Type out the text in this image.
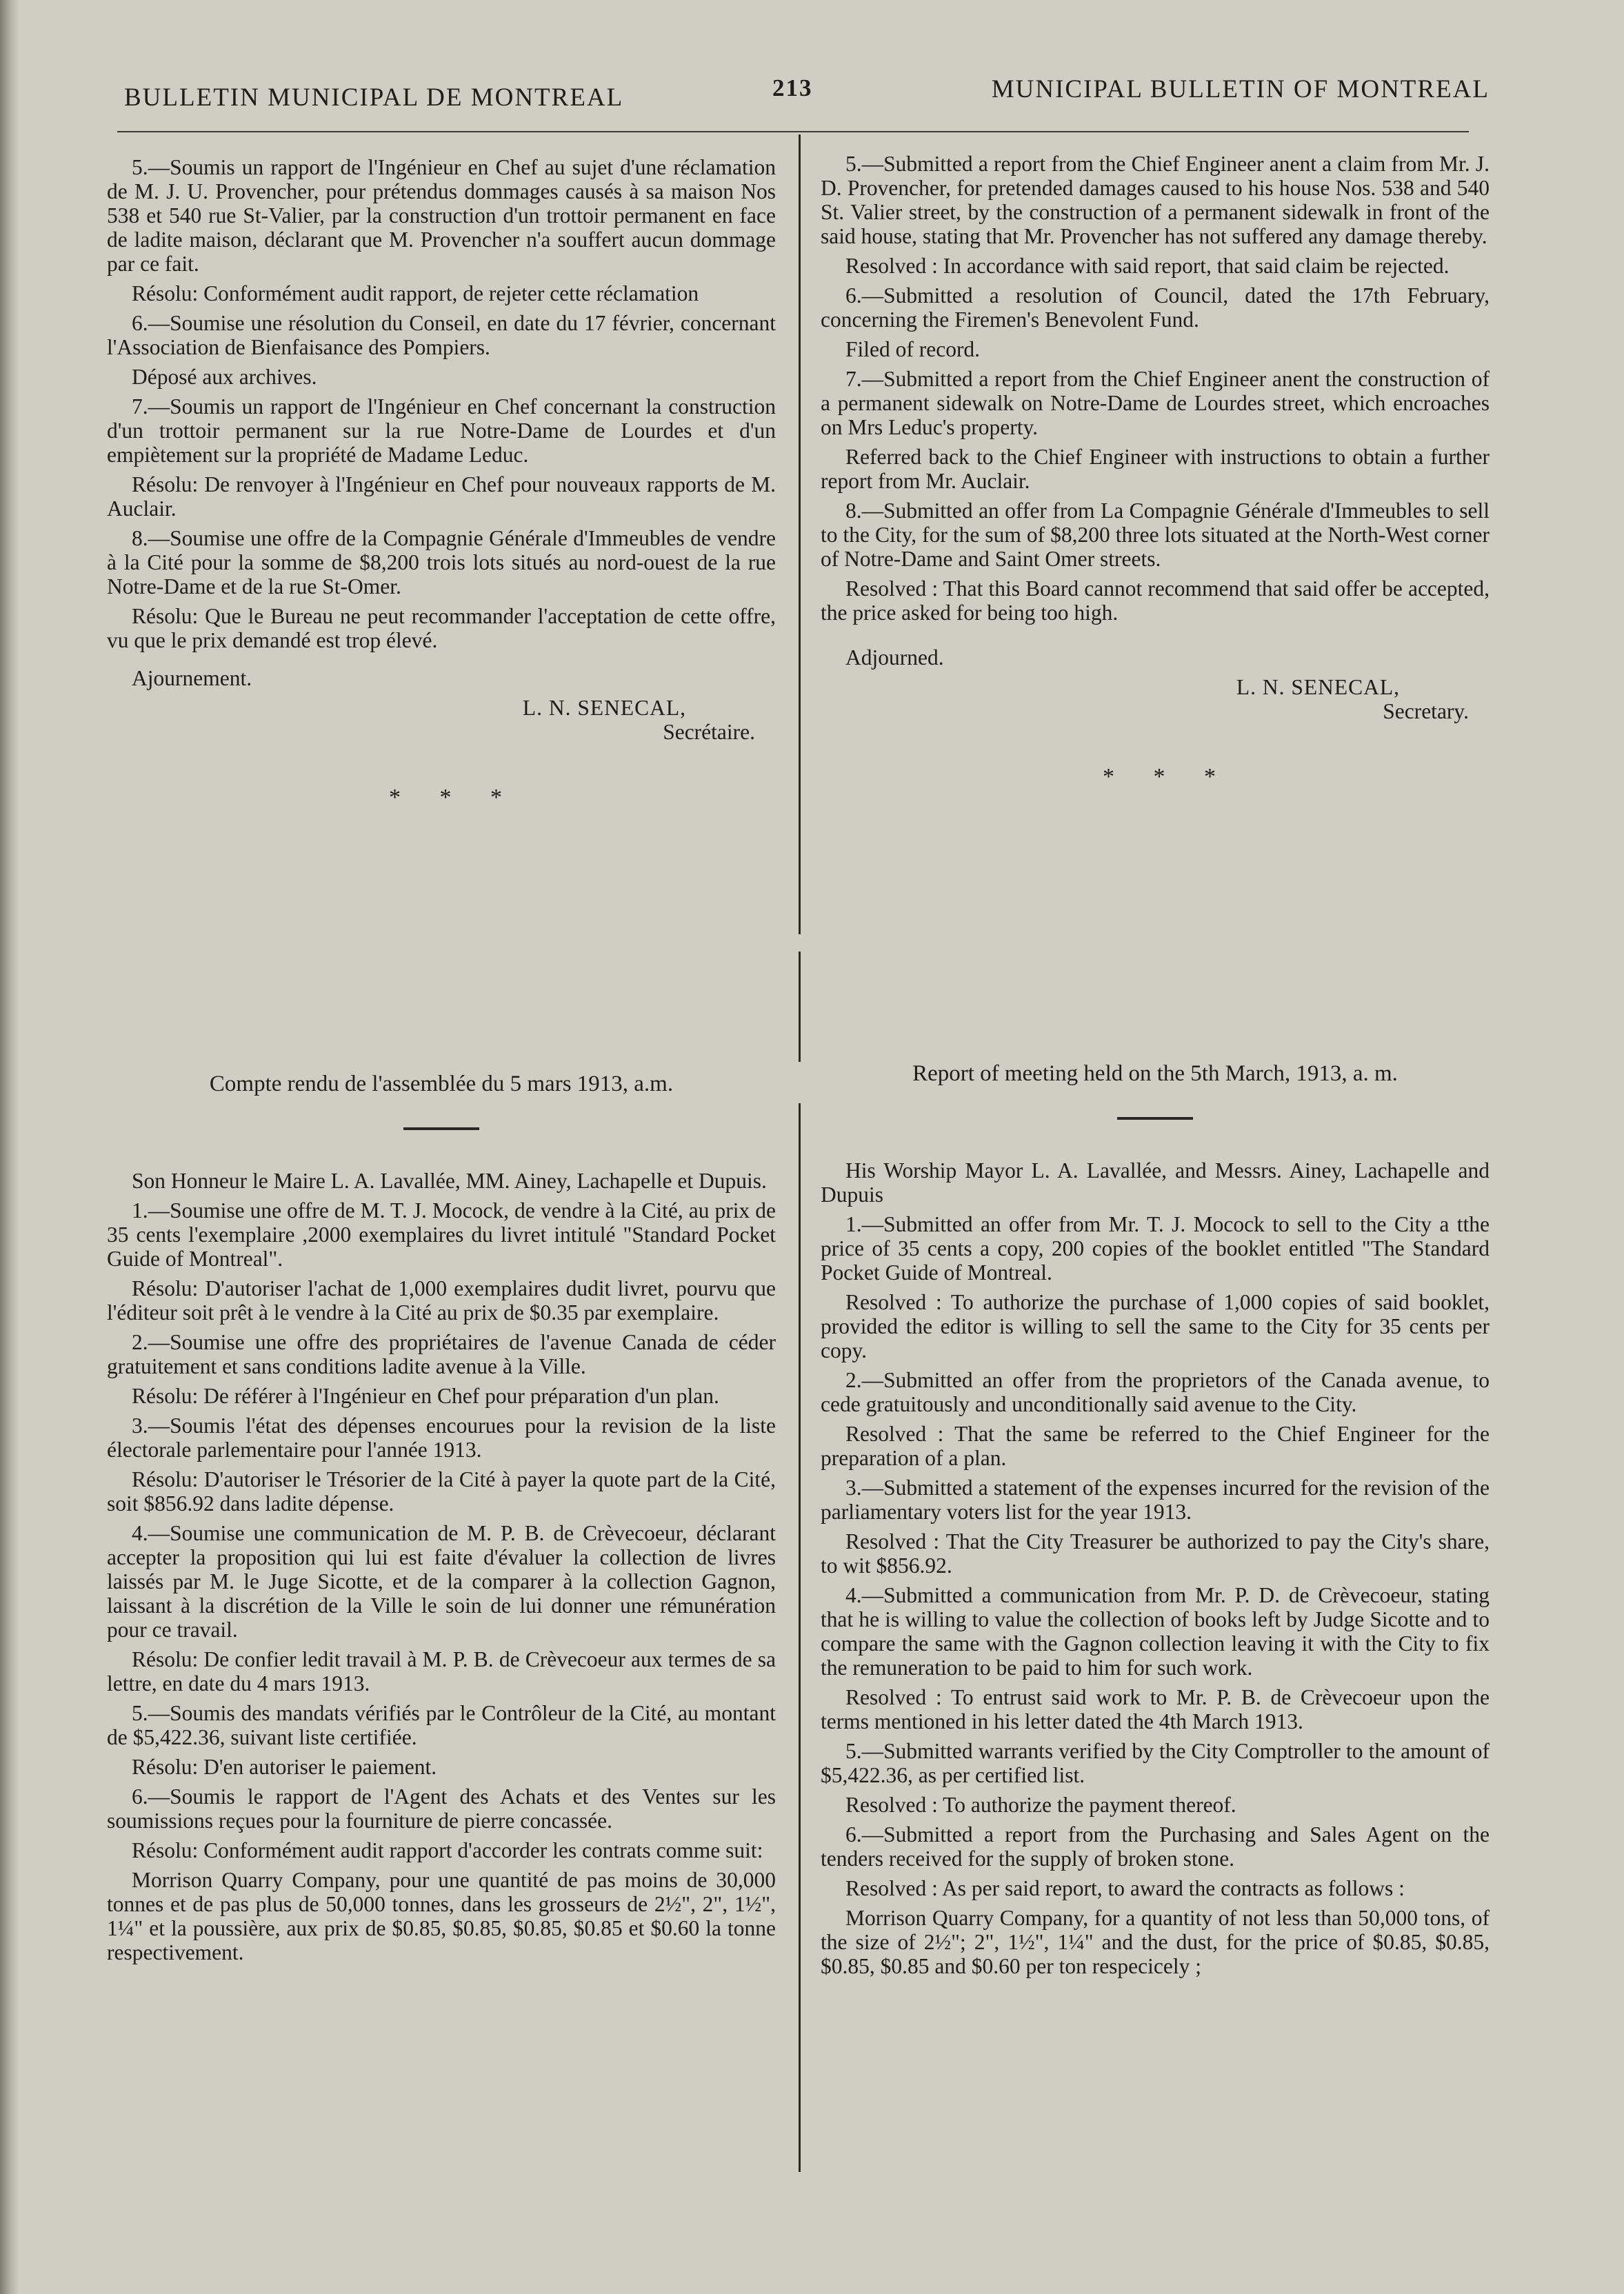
BULLETIN MUNICIPAL DE MONTREAL	213	MUNICIPAL BULLETIN OF MONTREAL

5.—Soumis un rapport de l'Ingénieur en Chef au sujet d'une réclamation de M. J. U. Provencher, pour prétendus dommages causés à sa maison Nos 538 et 540 rue St-Valier, par la construction d'un trottoir permanent en face de ladite maison, déclarant que M. Provencher n'a souffert aucun dommage par ce fait.

Résolu: Conformément audit rapport, de rejeter cette réclamation

6.—Soumise une résolution du Conseil, en date du 17 février, concernant l'Association de Bienfaisance des Pompiers.

Déposé aux archives.

7.—Soumis un rapport de l'Ingénieur en Chef concernant la construction d'un trottoir permanent sur la rue Notre-Dame de Lourdes et d'un empiètement sur la propriété de Madame Leduc.

Résolu: De renvoyer à l'Ingénieur en Chef pour nouveaux rapports de M. Auclair.

8.—Soumise une offre de la Compagnie Générale d'Immeubles de vendre à la Cité pour la somme de $8,200 trois lots situés au nord-ouest de la rue Notre-Dame et de la rue St-Omer.

Résolu: Que le Bureau ne peut recommander l'acceptation de cette offre, vu que le prix demandé est trop élevé.

Ajournement.

L. N. SENECAL,

Secrétaire.

* * *

5.—Submitted a report from the Chief Engineer anent a claim from Mr. J. D. Provencher, for pretended damages caused to his house Nos. 538 and 540 St. Valier street, by the construction of a permanent sidewalk in front of the said house, stating that Mr. Provencher has not suffered any damage thereby.

Resolved : In accordance with said report, that said claim be rejected.

6.—Submitted a resolution of Council, dated the 17th February, concerning the Firemen's Benevolent Fund.

Filed of record.

7.—Submitted a report from the Chief Engineer anent the construction of a permanent sidewalk on Notre-Dame de Lourdes street, which encroaches on Mrs Leduc's property.

Referred back to the Chief Engineer with instructions to obtain a further report from Mr. Auclair.

8.—Submitted an offer from La Compagnie Générale d'Immeubles to sell to the City, for the sum of $8,200 three lots situated at the North-West corner of Notre-Dame and Saint Omer streets.

Resolved : That this Board cannot recommend that said offer be accepted, the price asked for being too high.

Adjourned.

L. N. SENECAL,

Secretary.

* * *

Compte rendu de l'assemblée du 5 mars 1913, a.m.	Report of meeting held on the 5th March, 1913, a. m.

Son Honneur le Maire L. A. Lavallée, MM. Ainey, Lachapelle et Dupuis.

1.—Soumise une offre de M. T. J. Mocock, de vendre à la Cité, au prix de 35 cents l'exemplaire ,2000 exemplaires du livret intitulé "Standard Pocket Guide of Montreal".

Résolu: D'autoriser l'achat de 1,000 exemplaires dudit livret, pourvu que l'éditeur soit prêt à le vendre à la Cité au prix de $0.35 par exemplaire.

2.—Soumise une offre des propriétaires de l'avenue Canada de céder gratuitement et sans conditions ladite avenue à la Ville.

Résolu: De référer à l'Ingénieur en Chef pour préparation d'un plan.

3.—Soumis l'état des dépenses encourues pour la revision de la liste électorale parlementaire pour l'année 1913.

Résolu: D'autoriser le Trésorier de la Cité à payer la quote part de la Cité, soit $856.92 dans ladite dépense.

4.—Soumise une communication de M. P. B. de Crèvecoeur, déclarant accepter la proposition qui lui est faite d'évaluer la collection de livres laissés par M. le Juge Sicotte, et de la comparer à la collection Gagnon, laissant à la discrétion de la Ville le soin de lui donner une rémunération pour ce travail.

Résolu: De confier ledit travail à M. P. B. de Crèvecoeur aux termes de sa lettre, en date du 4 mars 1913.

5.—Soumis des mandats vérifiés par le Contrôleur de la Cité, au montant de $5,422.36, suivant liste certifiée.

Résolu: D'en autoriser le paiement.

6.—Soumis le rapport de l'Agent des Achats et des Ventes sur les soumissions reçues pour la fourniture de pierre concassée.

Résolu: Conformément audit rapport d'accorder les contrats comme suit:

Morrison Quarry Company, pour une quantité de pas moins de 30,000 tonnes et de pas plus de 50,000 tonnes, dans les grosseurs de 2½", 2", 1½", 1¼" et la poussière, aux prix de $0.85, $0.85, $0.85, $0.85 et $0.60 la tonne respectivement.

His Worship Mayor L. A. Lavallée, and Messrs. Ainey, Lachapelle and Dupuis

1.—Submitted an offer from Mr. T. J. Mocock to sell to the City a tthe price of 35 cents a copy, 200 copies of the booklet entitled "The Standard Pocket Guide of Montreal.

Resolved : To authorize the purchase of 1,000 copies of said booklet, provided the editor is willing to sell the same to the City for 35 cents per copy.

2.—Submitted an offer from the proprietors of the Canada avenue, to cede gratuitously and unconditionally said avenue to the City.

Resolved : That the same be referred to the Chief Engineer for the preparation of a plan.

3.—Submitted a statement of the expenses incurred for the revision of the parliamentary voters list for the year 1913.

Resolved : That the City Treasurer be authorized to pay the City's share, to wit $856.92.

4.—Submitted a communication from Mr. P. D. de Crèvecoeur, stating that he is willing to value the collection of books left by Judge Sicotte and to compare the same with the Gagnon collection leaving it with the City to fix the remuneration to be paid to him for such work.

Resolved : To entrust said work to Mr. P. B. de Crèvecoeur upon the terms mentioned in his letter dated the 4th March 1913.

5.—Submitted warrants verified by the City Comptroller to the amount of $5,422.36, as per certified list.

Resolved : To authorize the payment thereof.

6.—Submitted a report from the Purchasing and Sales Agent on the tenders received for the supply of broken stone.

Resolved : As per said report, to award the contracts as follows :

Morrison Quarry Company, for a quantity of not less than 50,000 tons, of the size of 2½"; 2", 1½", 1¼" and the dust, for the price of $0.85, $0.85, $0.85, $0.85 and $0.60 per ton respecicely ;
